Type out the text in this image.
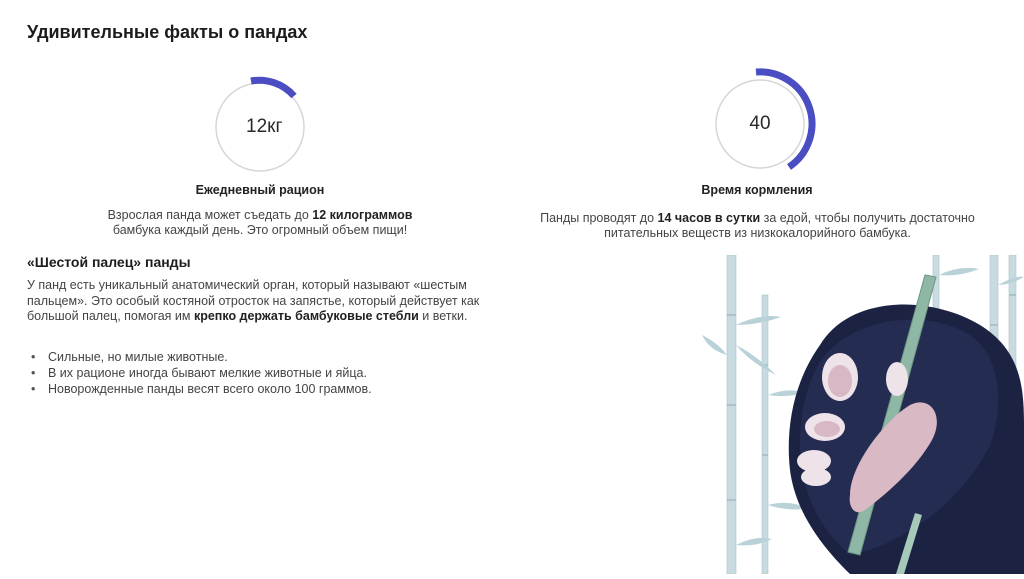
Удивительные факты о пандах
12кг
Ежедневный рацион
Взрослая панда может съедать до 12 килограммов
бамбука каждый день. Это огромный объем пищи!
40
Время кормления
Панды проводят до 14 часов в сутки за едой, чтобы получить достаточно
питательных веществ из низкокалорийного бамбука.
«Шестой палец» панды
У панд есть уникальный анатомический орган, который называют «шестым
пальцем». Это особый костяной отросток на запястье, который действует как
большой палец, помогая им крепко держать бамбуковые стебли и ветки.
• Сильные, но милые животные.
• В их рационе иногда бывают мелкие животные и яйца.
• Новорожденные панды весят всего около 100 граммов.
